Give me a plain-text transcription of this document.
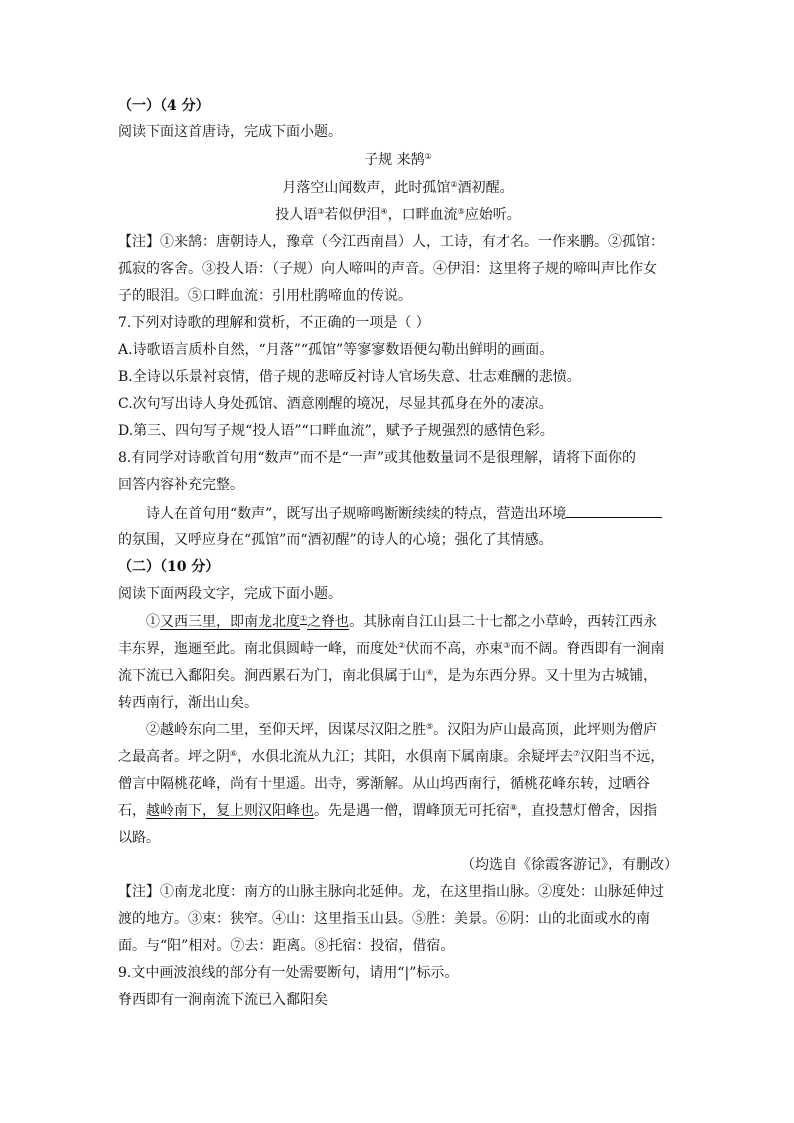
（一）（4 分）
阅读下面这首唐诗，完成下面小题。
子规 来鹄①
月落空山闻数声，此时孤馆②酒初醒。
投人语③若似伊泪④，口畔血流⑤应始听。
【注】①来鹄：唐朝诗人，豫章（今江西南昌）人，工诗，有才名。一作来鹏。②孤馆：
孤寂的客舍。③投人语：（子规）向人啼叫的声音。④伊泪：这里将子规的啼叫声比作女
子的眼泪。⑤口畔血流：引用杜鹃啼血的传说。
7.下列对诗歌的理解和赏析，不正确的一项是（ ）
A.诗歌语言质朴自然，“月落”“孤馆”等寥寥数语便勾勒出鲜明的画面。
B.全诗以乐景衬哀情，借子规的悲啼反衬诗人官场失意、壮志难酬的悲愤。
C.次句写出诗人身处孤馆、酒意刚醒的境况，尽显其孤身在外的凄凉。
D.第三、四句写子规“投人语”“口畔血流”，赋予子规强烈的感情色彩。
8.有同学对诗歌首句用“数声”而不是“一声”或其他数量词不是很理解，请将下面你的
回答内容补充完整。
诗人在首句用“数声”，既写出子规啼鸣断断续续的特点，营造出环境
的氛围，又呼应身在“孤馆”而“酒初醒”的诗人的心境；强化了其情感。
（二）（10 分）
阅读下面两段文字，完成下面小题。
①又西三里，即南龙北度①之脊也。其脉南自江山县二十七都之小草岭，西转江西永
丰东界，迤逦至此。南北俱圆峙一峰，而度处②伏而不高，亦束③而不阔。脊西即有一涧南
流下流已入鄱阳矣。涧西累石为门，南北俱属于山④，是为东西分界。又十里为古城铺，
转西南行，渐出山矣。
②越岭东向二里，至仰天坪，因谋尽汉阳之胜⑤。汉阳为庐山最高顶，此坪则为僧庐
之最高者。坪之阴⑥，水俱北流从九江；其阳，水俱南下属南康。余疑坪去⑦汉阳当不远，
僧言中隔桃花峰，尚有十里遥。出寺，雾渐解。从山坞西南行，循桃花峰东转，过晒谷
石，越岭南下，复上则汉阳峰也。先是遇一僧，谓峰顶无可托宿⑧，直投慧灯僧舍，因指
以路。
（均选自《徐霞客游记》，有删改）
【注】①南龙北度：南方的山脉主脉向北延伸。龙，在这里指山脉。②度处：山脉延伸过
渡的地方。③束：狭窄。④山：这里指玉山县。⑤胜：美景。⑥阴：山的北面或水的南
面。与“阳”相对。⑦去：距离。⑧托宿：投宿，借宿。
9.文中画波浪线的部分有一处需要断句，请用“|”标示。
脊西即有一涧南流下流已入鄱阳矣
